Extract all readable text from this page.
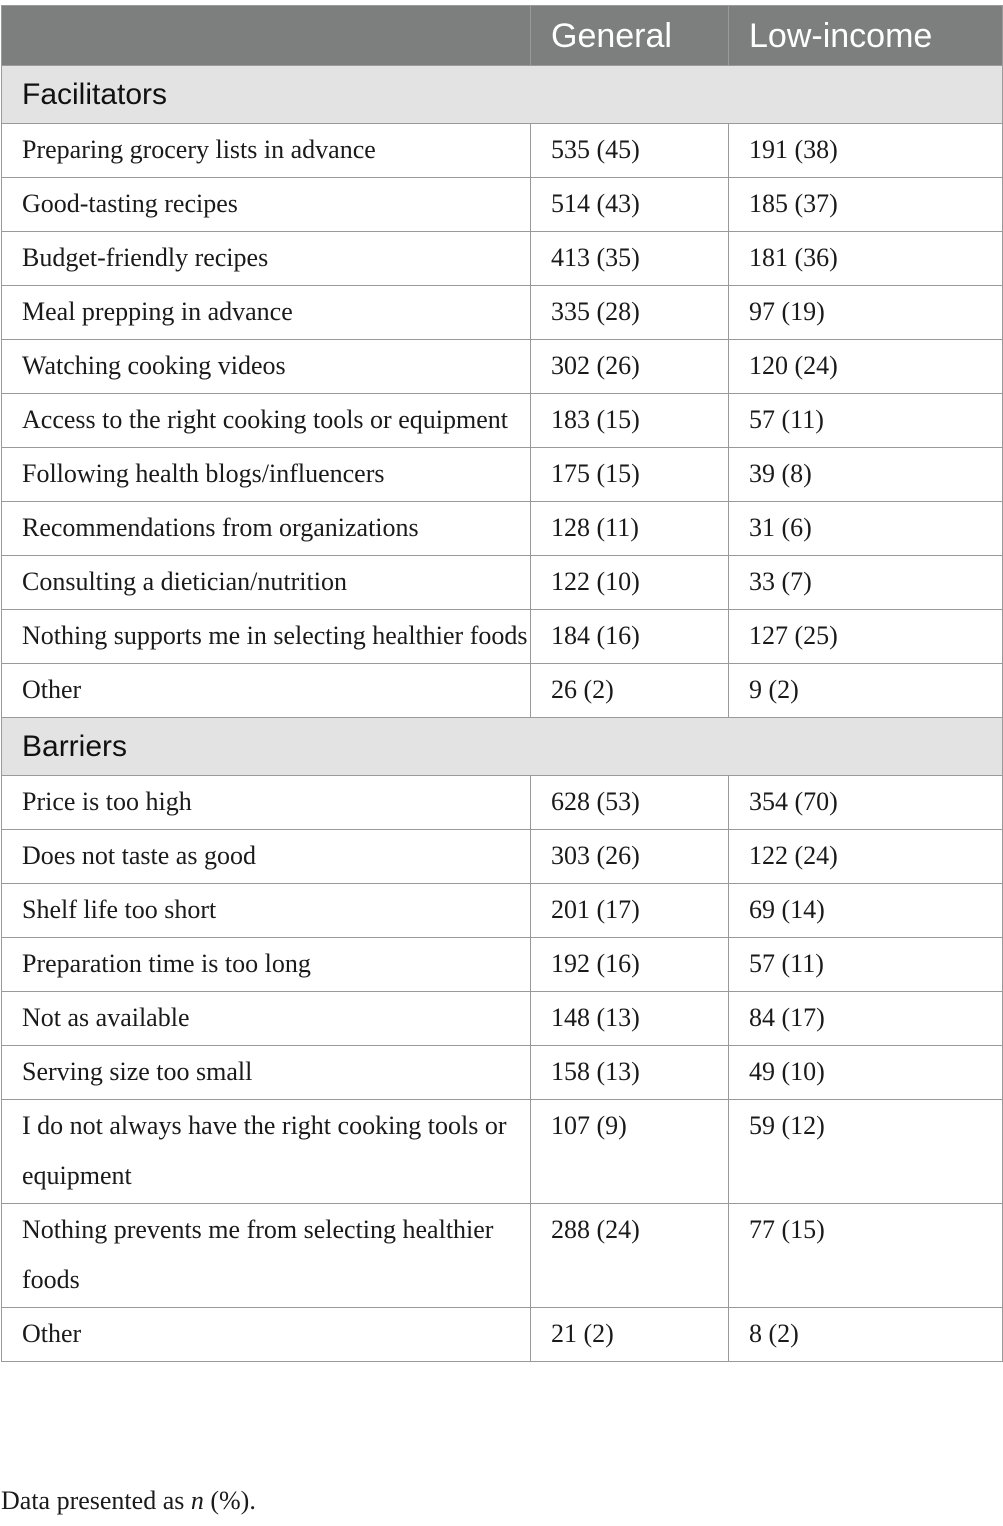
	General	Low-income
Facilitators		
Preparing grocery lists in advance	535 (45)	191 (38)
Good-tasting recipes	514 (43)	185 (37)
Budget-friendly recipes	413 (35)	181 (36)
Meal prepping in advance	335 (28)	97 (19)
Watching cooking videos	302 (26)	120 (24)
Access to the right cooking tools or equipment	183 (15)	57 (11)
Following health blogs/influencers	175 (15)	39 (8)
Recommendations from organizations	128 (11)	31 (6)
Consulting a dietician/nutrition	122 (10)	33 (7)
Nothing supports me in selecting healthier foods	184 (16)	127 (25)
Other	26 (2)	9 (2)
Barriers		
Price is too high	628 (53)	354 (70)
Does not taste as good	303 (26)	122 (24)
Shelf life too short	201 (17)	69 (14)
Preparation time is too long	192 (16)	57 (11)
Not as available	148 (13)	84 (17)
Serving size too small	158 (13)	49 (10)
I do not always have the right cooking tools or equipment	107 (9)	59 (12)
Nothing prevents me from selecting healthier foods	288 (24)	77 (15)
Other	21 (2)	8 (2)
Data presented as n (%).
